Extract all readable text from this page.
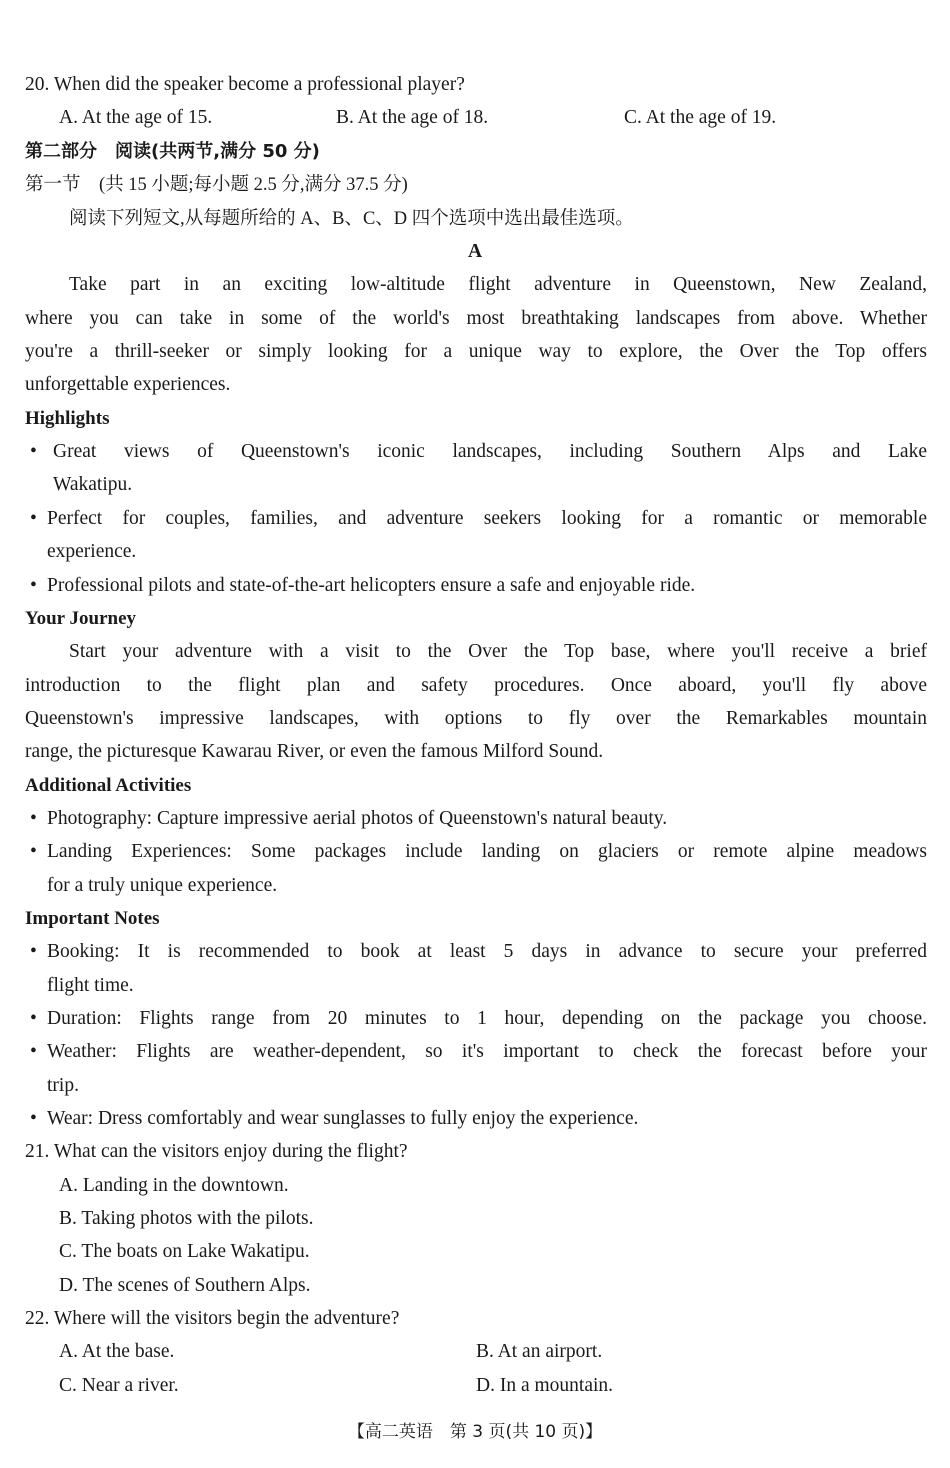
20. When did the speaker become a professional player?
A. At the age of 15.	B. At the age of 18.	C. At the age of 19.
第二部分　阅读(共两节,满分 50 分)
第一节　(共 15 小题;每小题 2.5 分,满分 37.5 分)
阅读下列短文,从每题所给的 A、B、C、D 四个选项中选出最佳选项。
A
Take part in an exciting low-altitude flight adventure in Queenstown, New Zealand,
where you can take in some of the world's most breathtaking landscapes from above. Whether
you're a thrill-seeker or simply looking for a unique way to explore, the Over the Top offers
unforgettable experiences.
Highlights
• Great views of Queenstown's iconic landscapes, including Southern Alps and Lake
Wakatipu.
• Perfect for couples, families, and adventure seekers looking for a romantic or memorable
experience.
• Professional pilots and state-of-the-art helicopters ensure a safe and enjoyable ride.
Your Journey
Start your adventure with a visit to the Over the Top base, where you'll receive a brief
introduction to the flight plan and safety procedures. Once aboard, you'll fly above
Queenstown's impressive landscapes, with options to fly over the Remarkables mountain
range, the picturesque Kawarau River, or even the famous Milford Sound.
Additional Activities
• Photography: Capture impressive aerial photos of Queenstown's natural beauty.
• Landing Experiences: Some packages include landing on glaciers or remote alpine meadows
for a truly unique experience.
Important Notes
• Booking: It is recommended to book at least 5 days in advance to secure your preferred
flight time.
• Duration: Flights range from 20 minutes to 1 hour, depending on the package you choose.
• Weather: Flights are weather-dependent, so it's important to check the forecast before your
trip.
• Wear: Dress comfortably and wear sunglasses to fully enjoy the experience.
21. What can the visitors enjoy during the flight?
A. Landing in the downtown.
B. Taking photos with the pilots.
C. The boats on Lake Wakatipu.
D. The scenes of Southern Alps.
22. Where will the visitors begin the adventure?
A. At the base.	B. At an airport.
C. Near a river.	D. In a mountain.
【高二英语　第 3 页(共 10 页)】
